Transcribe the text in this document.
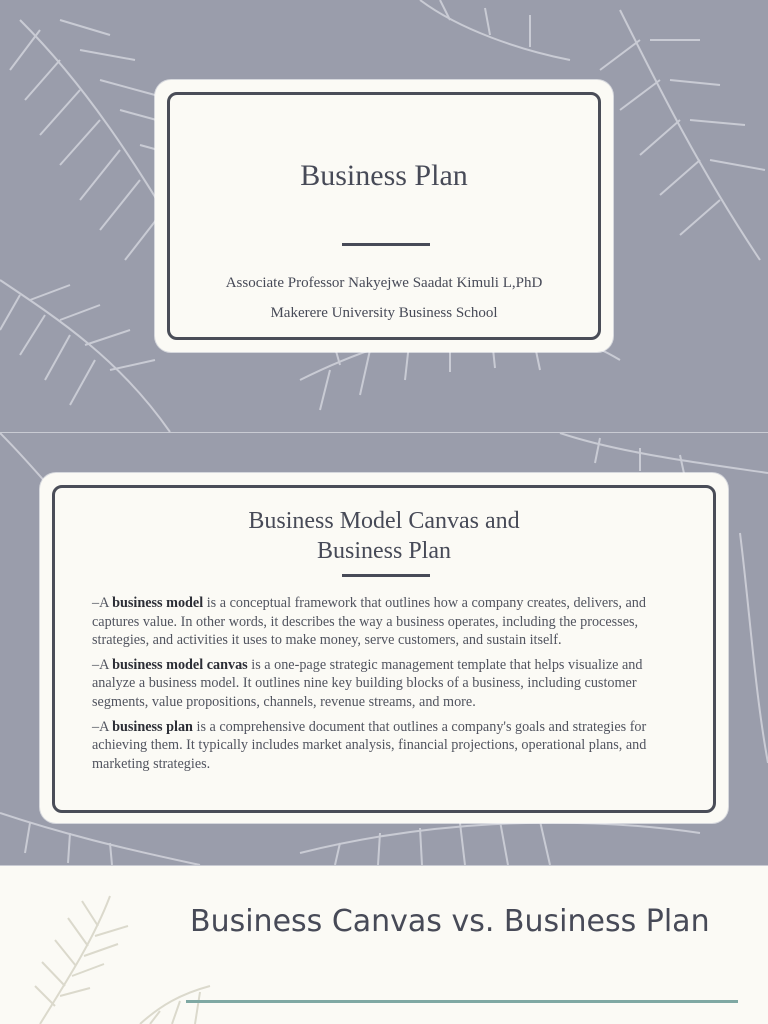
Business Plan
Associate Professor Nakyejwe Saadat Kimuli L,PhD
Makerere University Business School
Business Model Canvas and
Business Plan

–A business model is a conceptual framework that outlines how a company creates, delivers, and captures value. In other words, it describes the way a business operates, including the processes, strategies, and activities it uses to make money, serve customers, and sustain itself.

–A business model canvas is a one-page strategic management template that helps visualize and analyze a business model. It outlines nine key building blocks of a business, including customer segments, value propositions, channels, revenue streams, and more.

–A business plan is a comprehensive document that outlines a company's goals and strategies for achieving them. It typically includes market analysis, financial projections, operational plans, and marketing strategies.

Business Canvas vs. Business Plan
